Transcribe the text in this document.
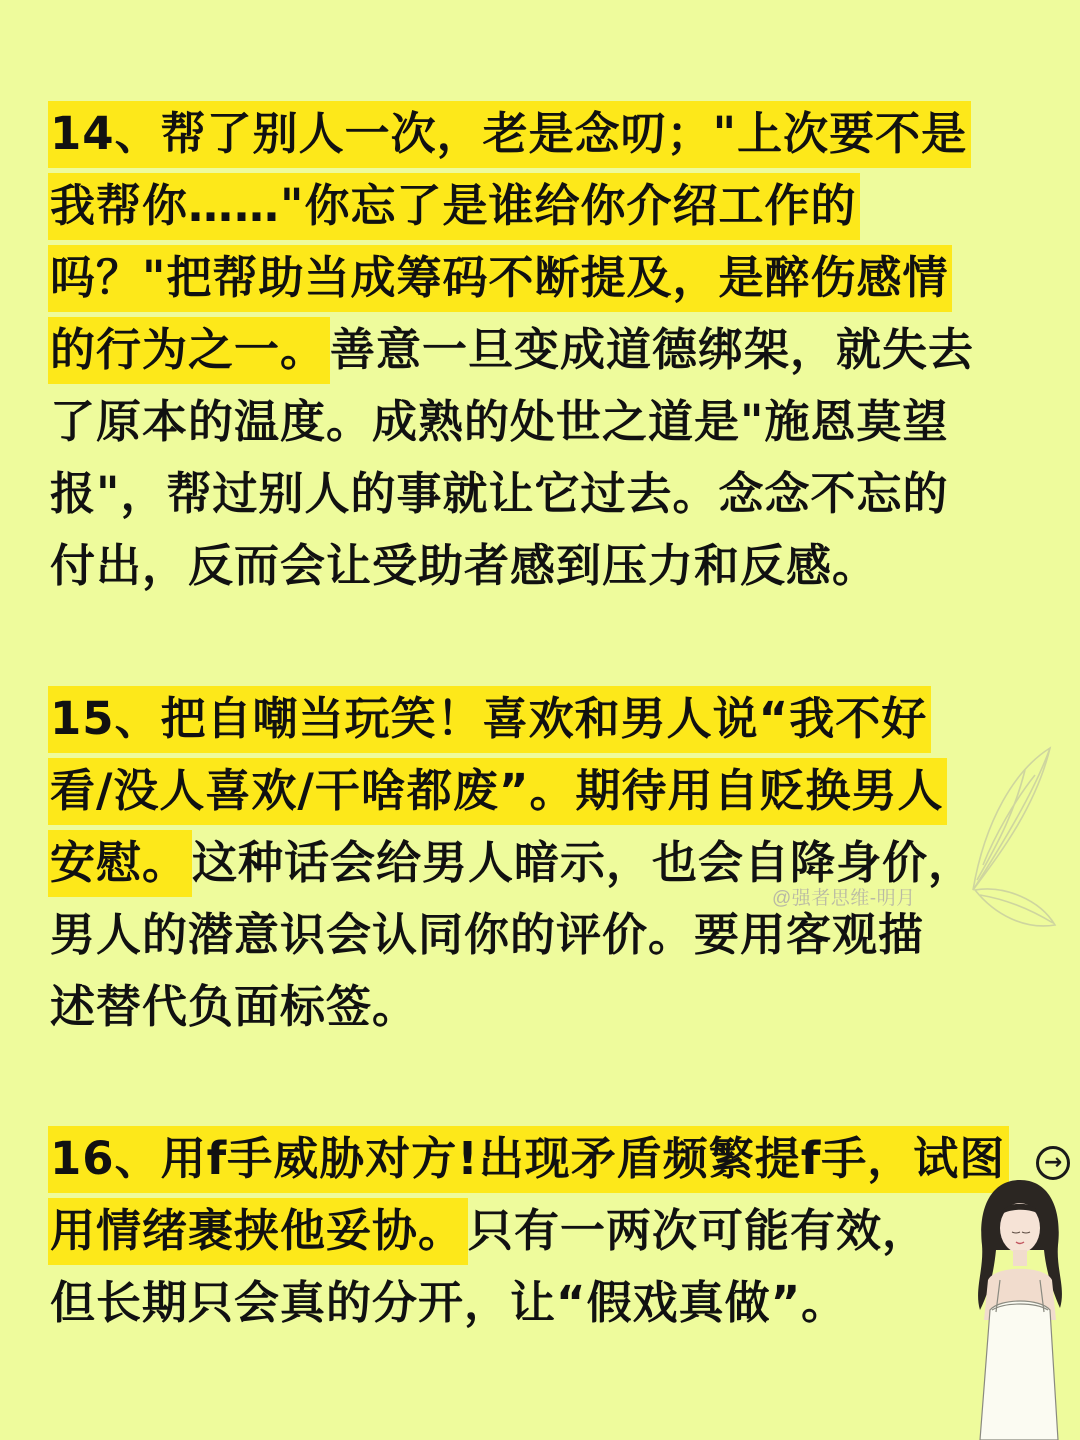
14、帮了别人一次，老是念叨；"上次要不是
我帮你……"你忘了是谁给你介绍工作的
吗？"把帮助当成筹码不断提及，是醉伤感情
的行为之一。善意一旦变成道德绑架，就失去
了原本的温度。成熟的处世之道是"施恩莫望
报"，帮过别人的事就让它过去。念念不忘的
付出，反而会让受助者感到压力和反感。
15、把自嘲当玩笑！喜欢和男人说“我不好
看/没人喜欢/干啥都废”。期待用自贬换男人
安慰。这种话会给男人暗示，也会自降身价，
男人的潜意识会认同你的评价。要用客观描
述替代负面标签。
16、用f手威胁对方!出现矛盾频繁提f手，试图
用情绪裹挟他妥协。只有一两次可能有效，
但长期只会真的分开，让“假戏真做”。
@强者思维-明月
→
